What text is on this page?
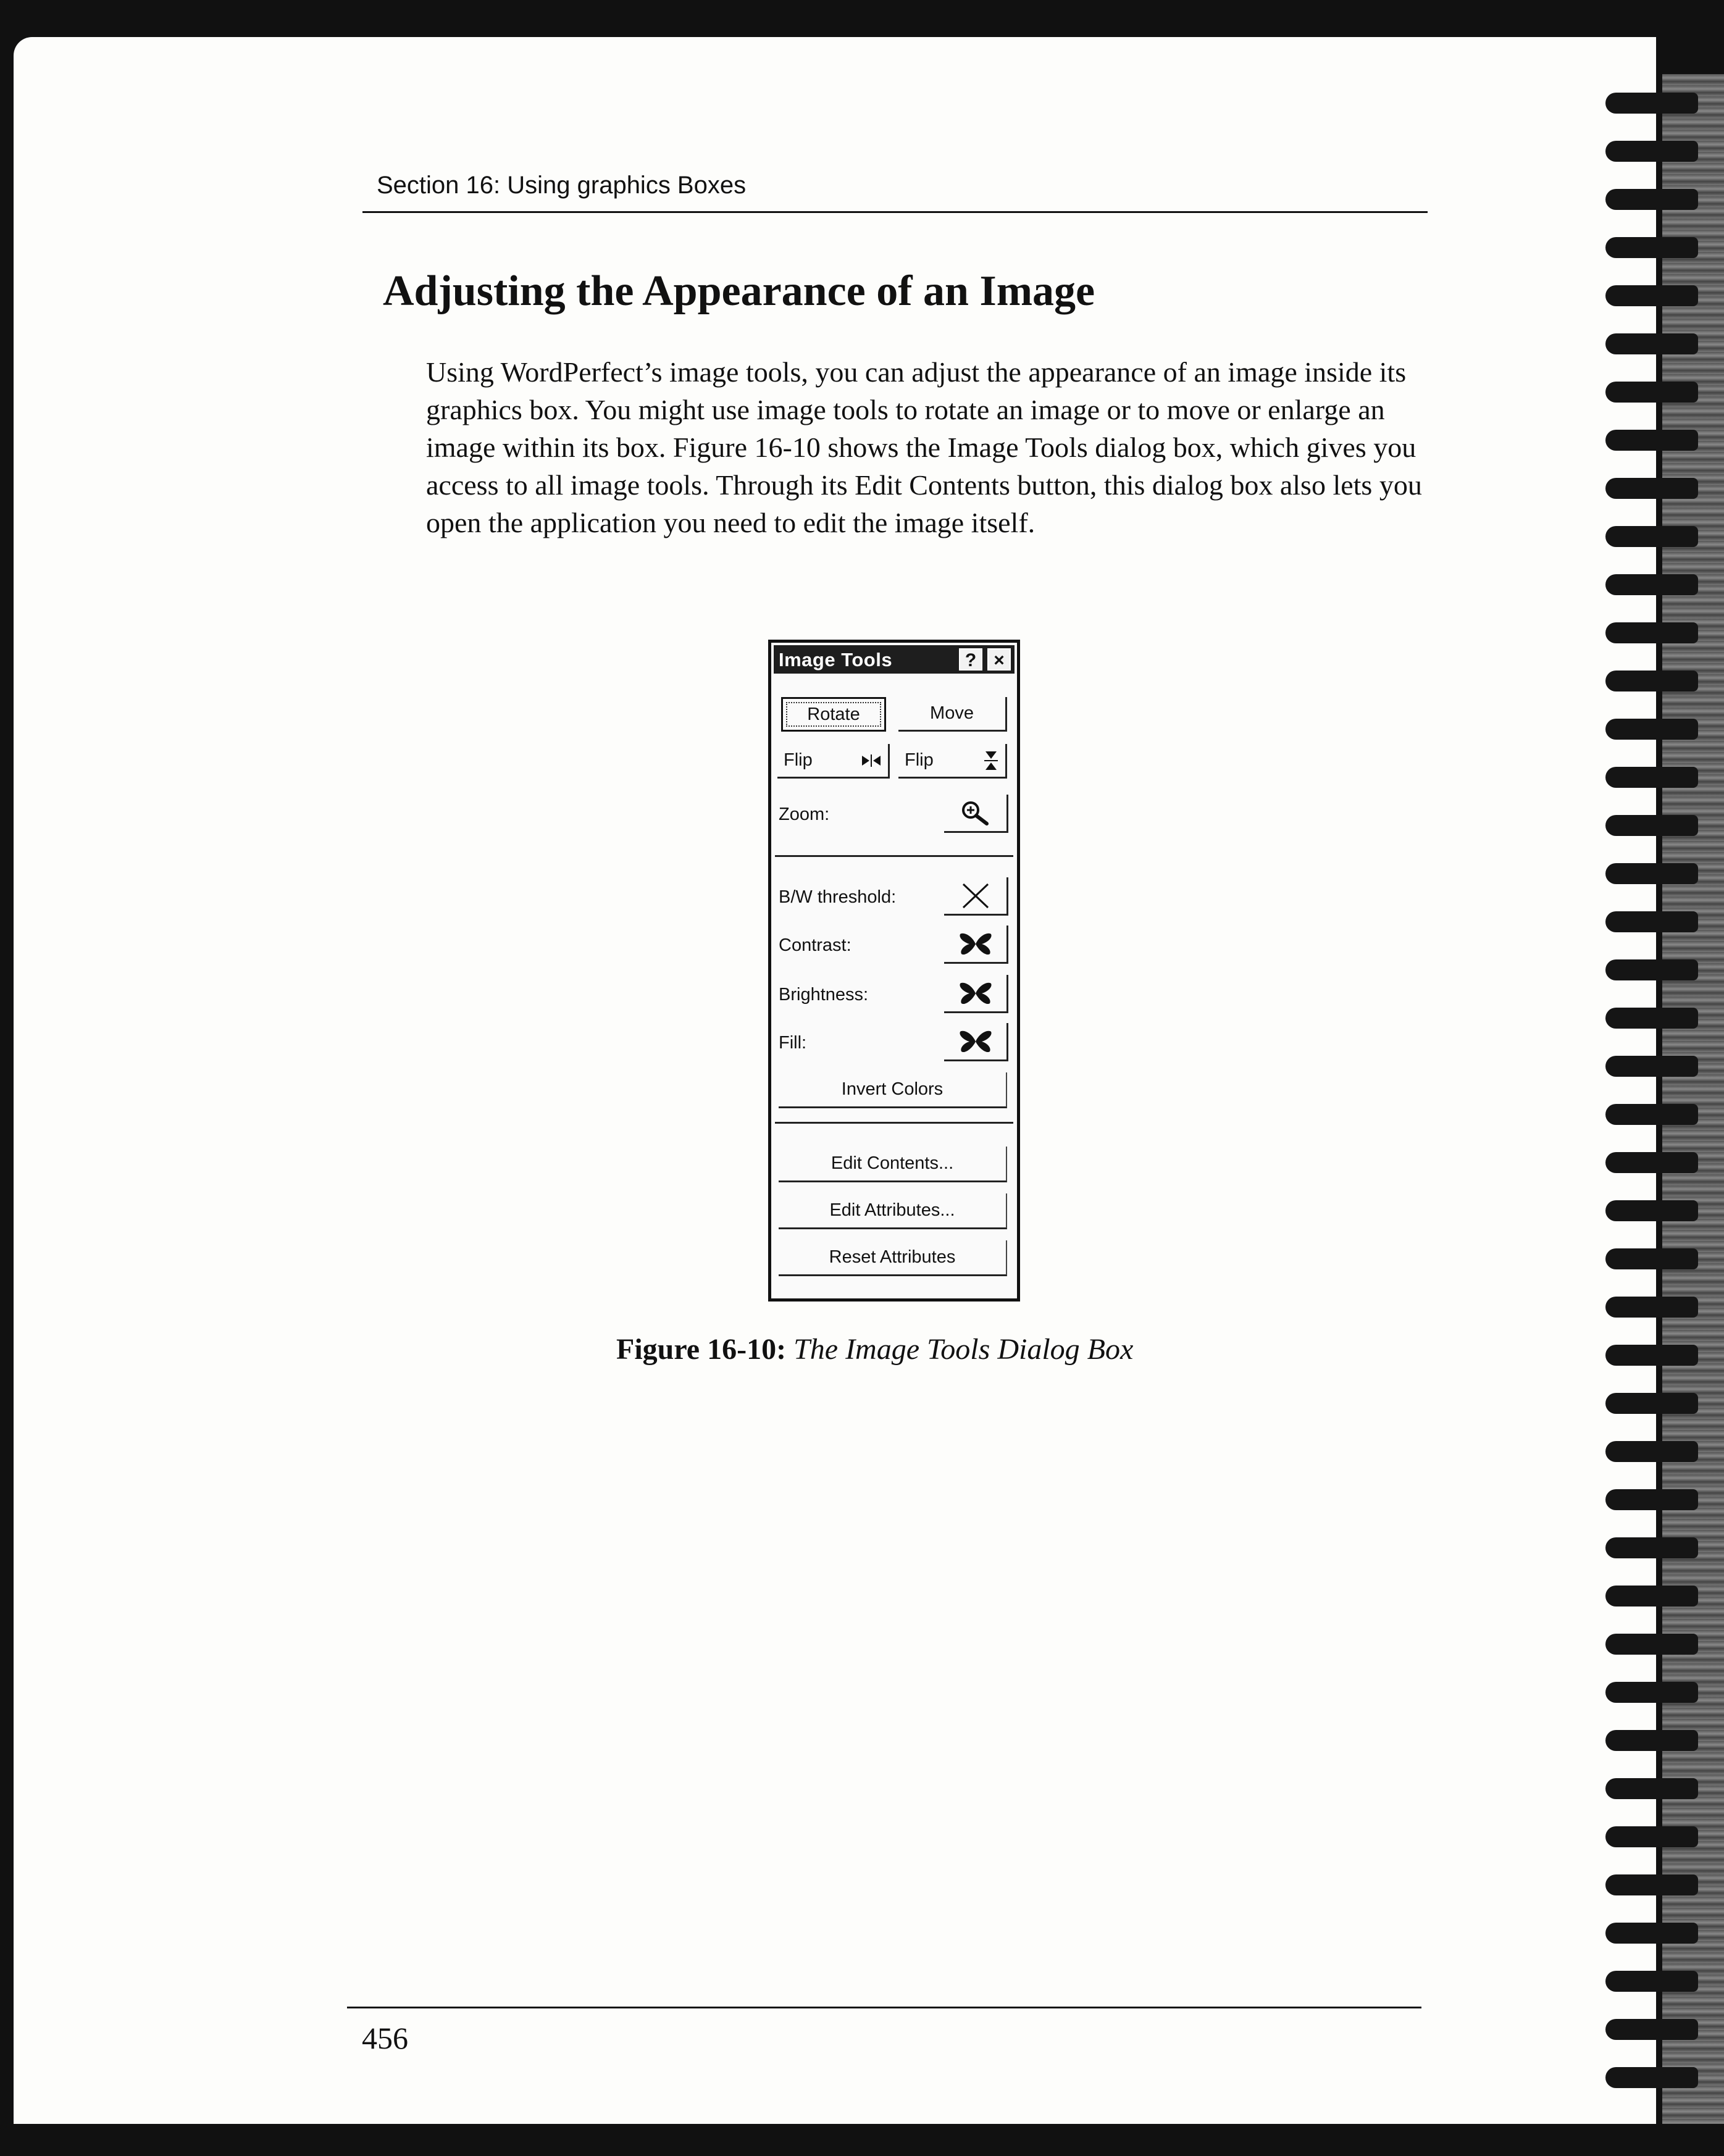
Section 16: Using graphics Boxes
Adjusting the Appearance of an Image

Using WordPerfect’s image tools, you can adjust the appearance of an image inside its graphics box. You might use image tools to rotate an image or to move or enlarge an image within its box. Figure 16-10 shows the Image Tools dialog box, which gives you access to all image tools. Through its Edit Contents button, this dialog box also lets you open the application you need to edit the image itself.

Image Tools	? ×
Rotate	Move
Flip	Flip
Zoom:
B/W threshold:
Contrast:
Brightness:
Fill:
Invert Colors
Edit Contents...
Edit Attributes...
Reset Attributes
Figure 16-10: The Image Tools Dialog Box
456
